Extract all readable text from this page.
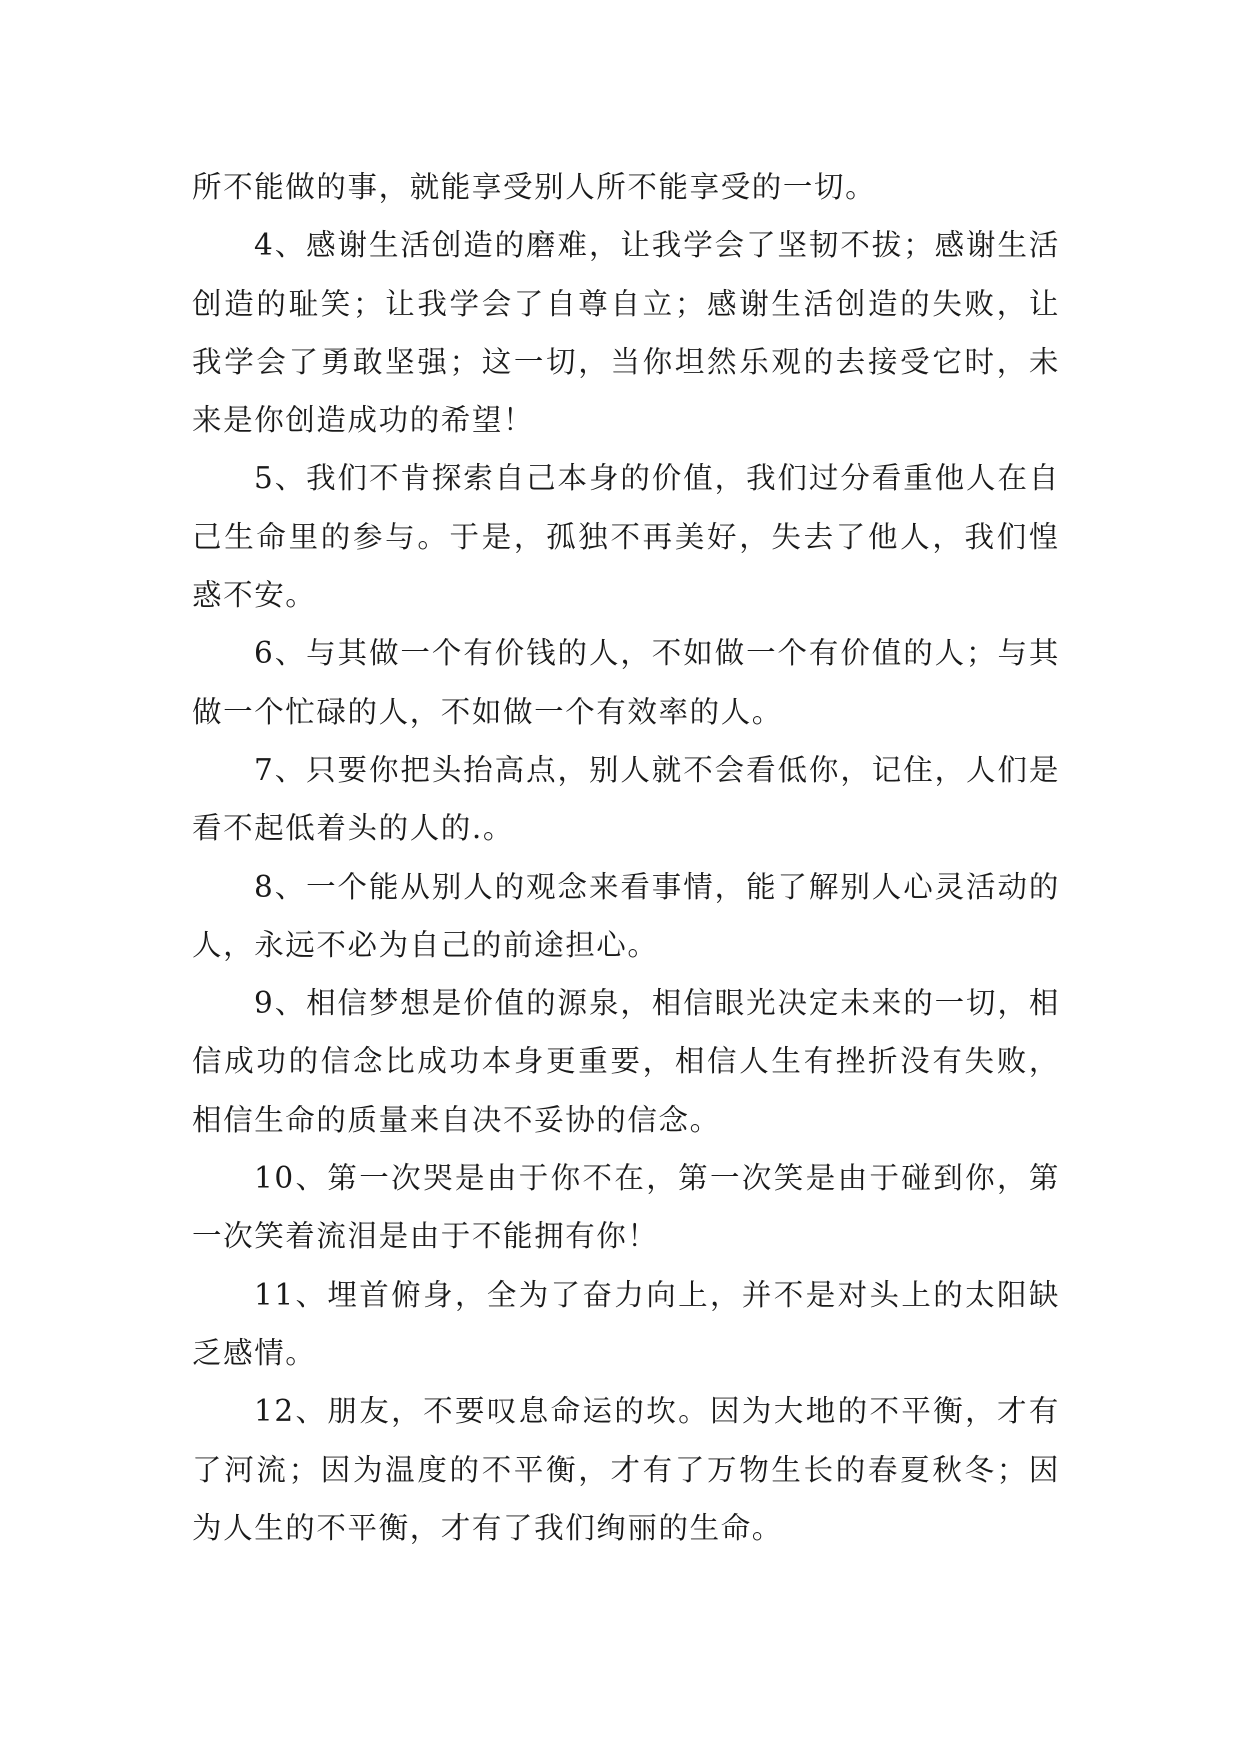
所不能做的事，就能享受别人所不能享受的一切。

4、感谢生活创造的磨难，让我学会了坚韧不拔；感谢生活创造的耻笑；让我学会了自尊自立；感谢生活创造的失败，让我学会了勇敢坚强；这一切，当你坦然乐观的去接受它时，未来是你创造成功的希望！

5、我们不肯探索自己本身的价值，我们过分看重他人在自己生命里的参与。于是，孤独不再美好，失去了他人，我们惶惑不安。

6、与其做一个有价钱的人，不如做一个有价值的人；与其做一个忙碌的人，不如做一个有效率的人。

7、只要你把头抬高点，别人就不会看低你，记住，人们是看不起低着头的人的.。

8、一个能从别人的观念来看事情，能了解别人心灵活动的人，永远不必为自己的前途担心。

9、相信梦想是价值的源泉，相信眼光决定未来的一切，相信成功的信念比成功本身更重要，相信人生有挫折没有失败，相信生命的质量来自决不妥协的信念。

10、第一次哭是由于你不在，第一次笑是由于碰到你，第一次笑着流泪是由于不能拥有你！

11、埋首俯身，全为了奋力向上，并不是对头上的太阳缺乏感情。

12、朋友，不要叹息命运的坎。因为大地的不平衡，才有了河流；因为温度的不平衡，才有了万物生长的春夏秋冬；因为人生的不平衡，才有了我们绚丽的生命。
